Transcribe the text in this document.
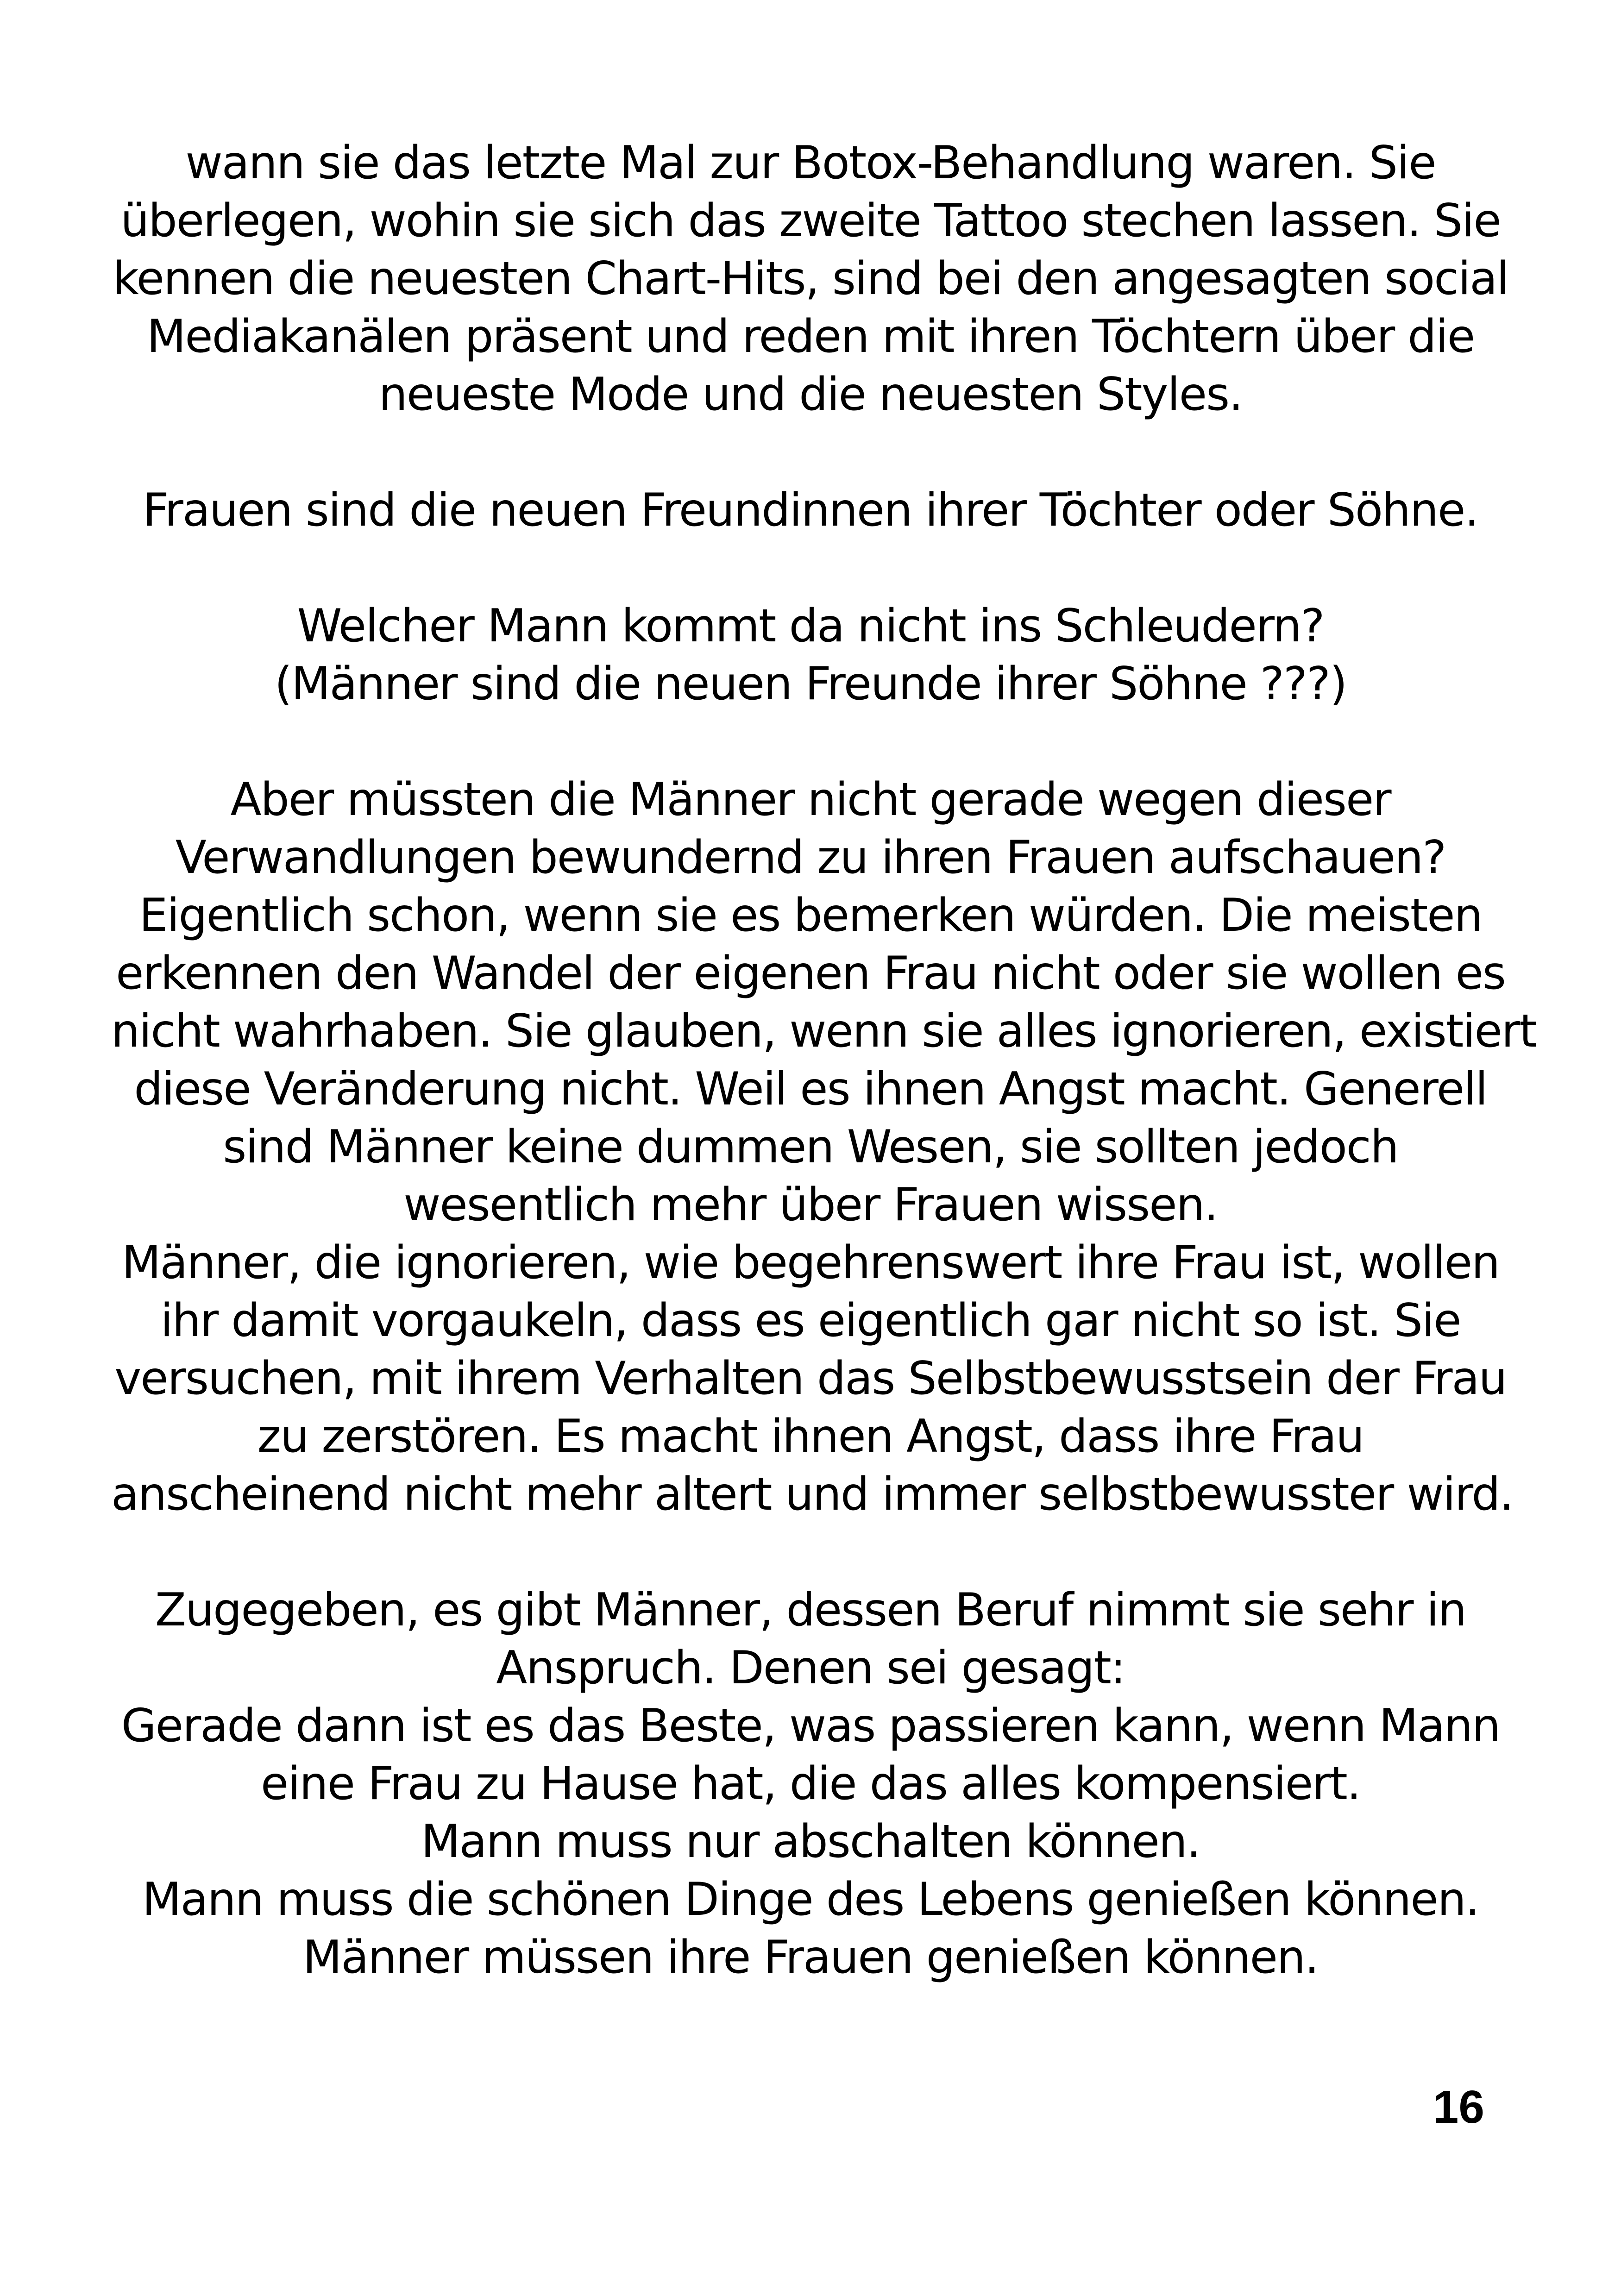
wann sie das letzte Mal zur Botox-Behandlung waren. Sie
überlegen, wohin sie sich das zweite Tattoo stechen lassen. Sie
kennen die neuesten Chart-Hits, sind bei den angesagten social
Mediakanälen präsent und reden mit ihren Töchtern über die
neueste Mode und die neuesten Styles.
Frauen sind die neuen Freundinnen ihrer Töchter oder Söhne.
Welcher Mann kommt da nicht ins Schleudern?
(Männer sind die neuen Freunde ihrer Söhne ???)
Aber müssten die Männer nicht gerade wegen dieser
Verwandlungen bewundernd zu ihren Frauen aufschauen?
Eigentlich schon, wenn sie es bemerken würden. Die meisten
erkennen den Wandel der eigenen Frau nicht oder sie wollen es
nicht wahrhaben. Sie glauben, wenn sie alles ignorieren, existiert
diese Veränderung nicht. Weil es ihnen Angst macht. Generell
sind Männer keine dummen Wesen, sie sollten jedoch
wesentlich mehr über Frauen wissen.
Männer, die ignorieren, wie begehrenswert ihre Frau ist, wollen
ihr damit vorgaukeln, dass es eigentlich gar nicht so ist. Sie
versuchen, mit ihrem Verhalten das Selbstbewusstsein der Frau
zu zerstören. Es macht ihnen Angst, dass ihre Frau
anscheinend nicht mehr altert und immer selbstbewusster wird.
Zugegeben, es gibt Männer, dessen Beruf nimmt sie sehr in
Anspruch. Denen sei gesagt:
Gerade dann ist es das Beste, was passieren kann, wenn Mann
eine Frau zu Hause hat, die das alles kompensiert.
Mann muss nur abschalten können.
Mann muss die schönen Dinge des Lebens genießen können.
Männer müssen ihre Frauen genießen können.
16
